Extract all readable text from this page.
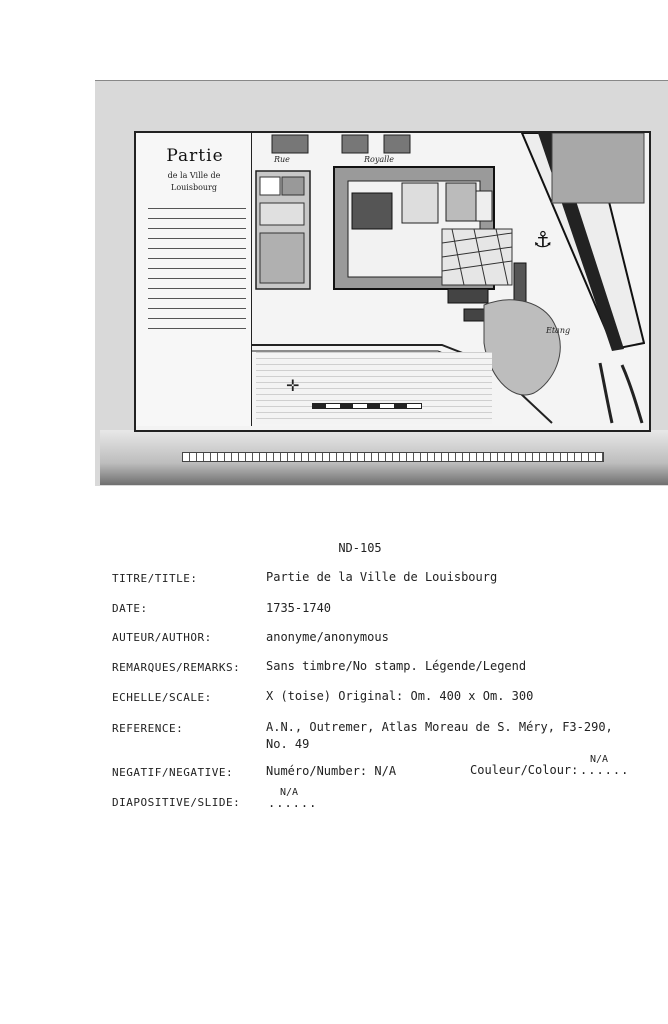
Partie
de la Ville de Louisbourg
Rue	Royalle
Etang
✛
⚓
ND-105
TITRE/TITLE:	Partie de la Ville de Louisbourg
DATE:	1735-1740
AUTEUR/AUTHOR:	anonyme/anonymous
REMARQUES/REMARKS: Sans timbre/No stamp. Légende/Legend
ECHELLE/SCALE:	X (toise) Original: Om. 400 x Om. 300
REFERENCE:	A.N., Outremer, Atlas Moreau de S. Méry, F3-290,
No. 49
NEGATIF/NEGATIVE:	Numéro/Number: N/A	Couleur/Colour:
N/A
......
DIAPOSITIVE/SLIDE:
N/A
......
